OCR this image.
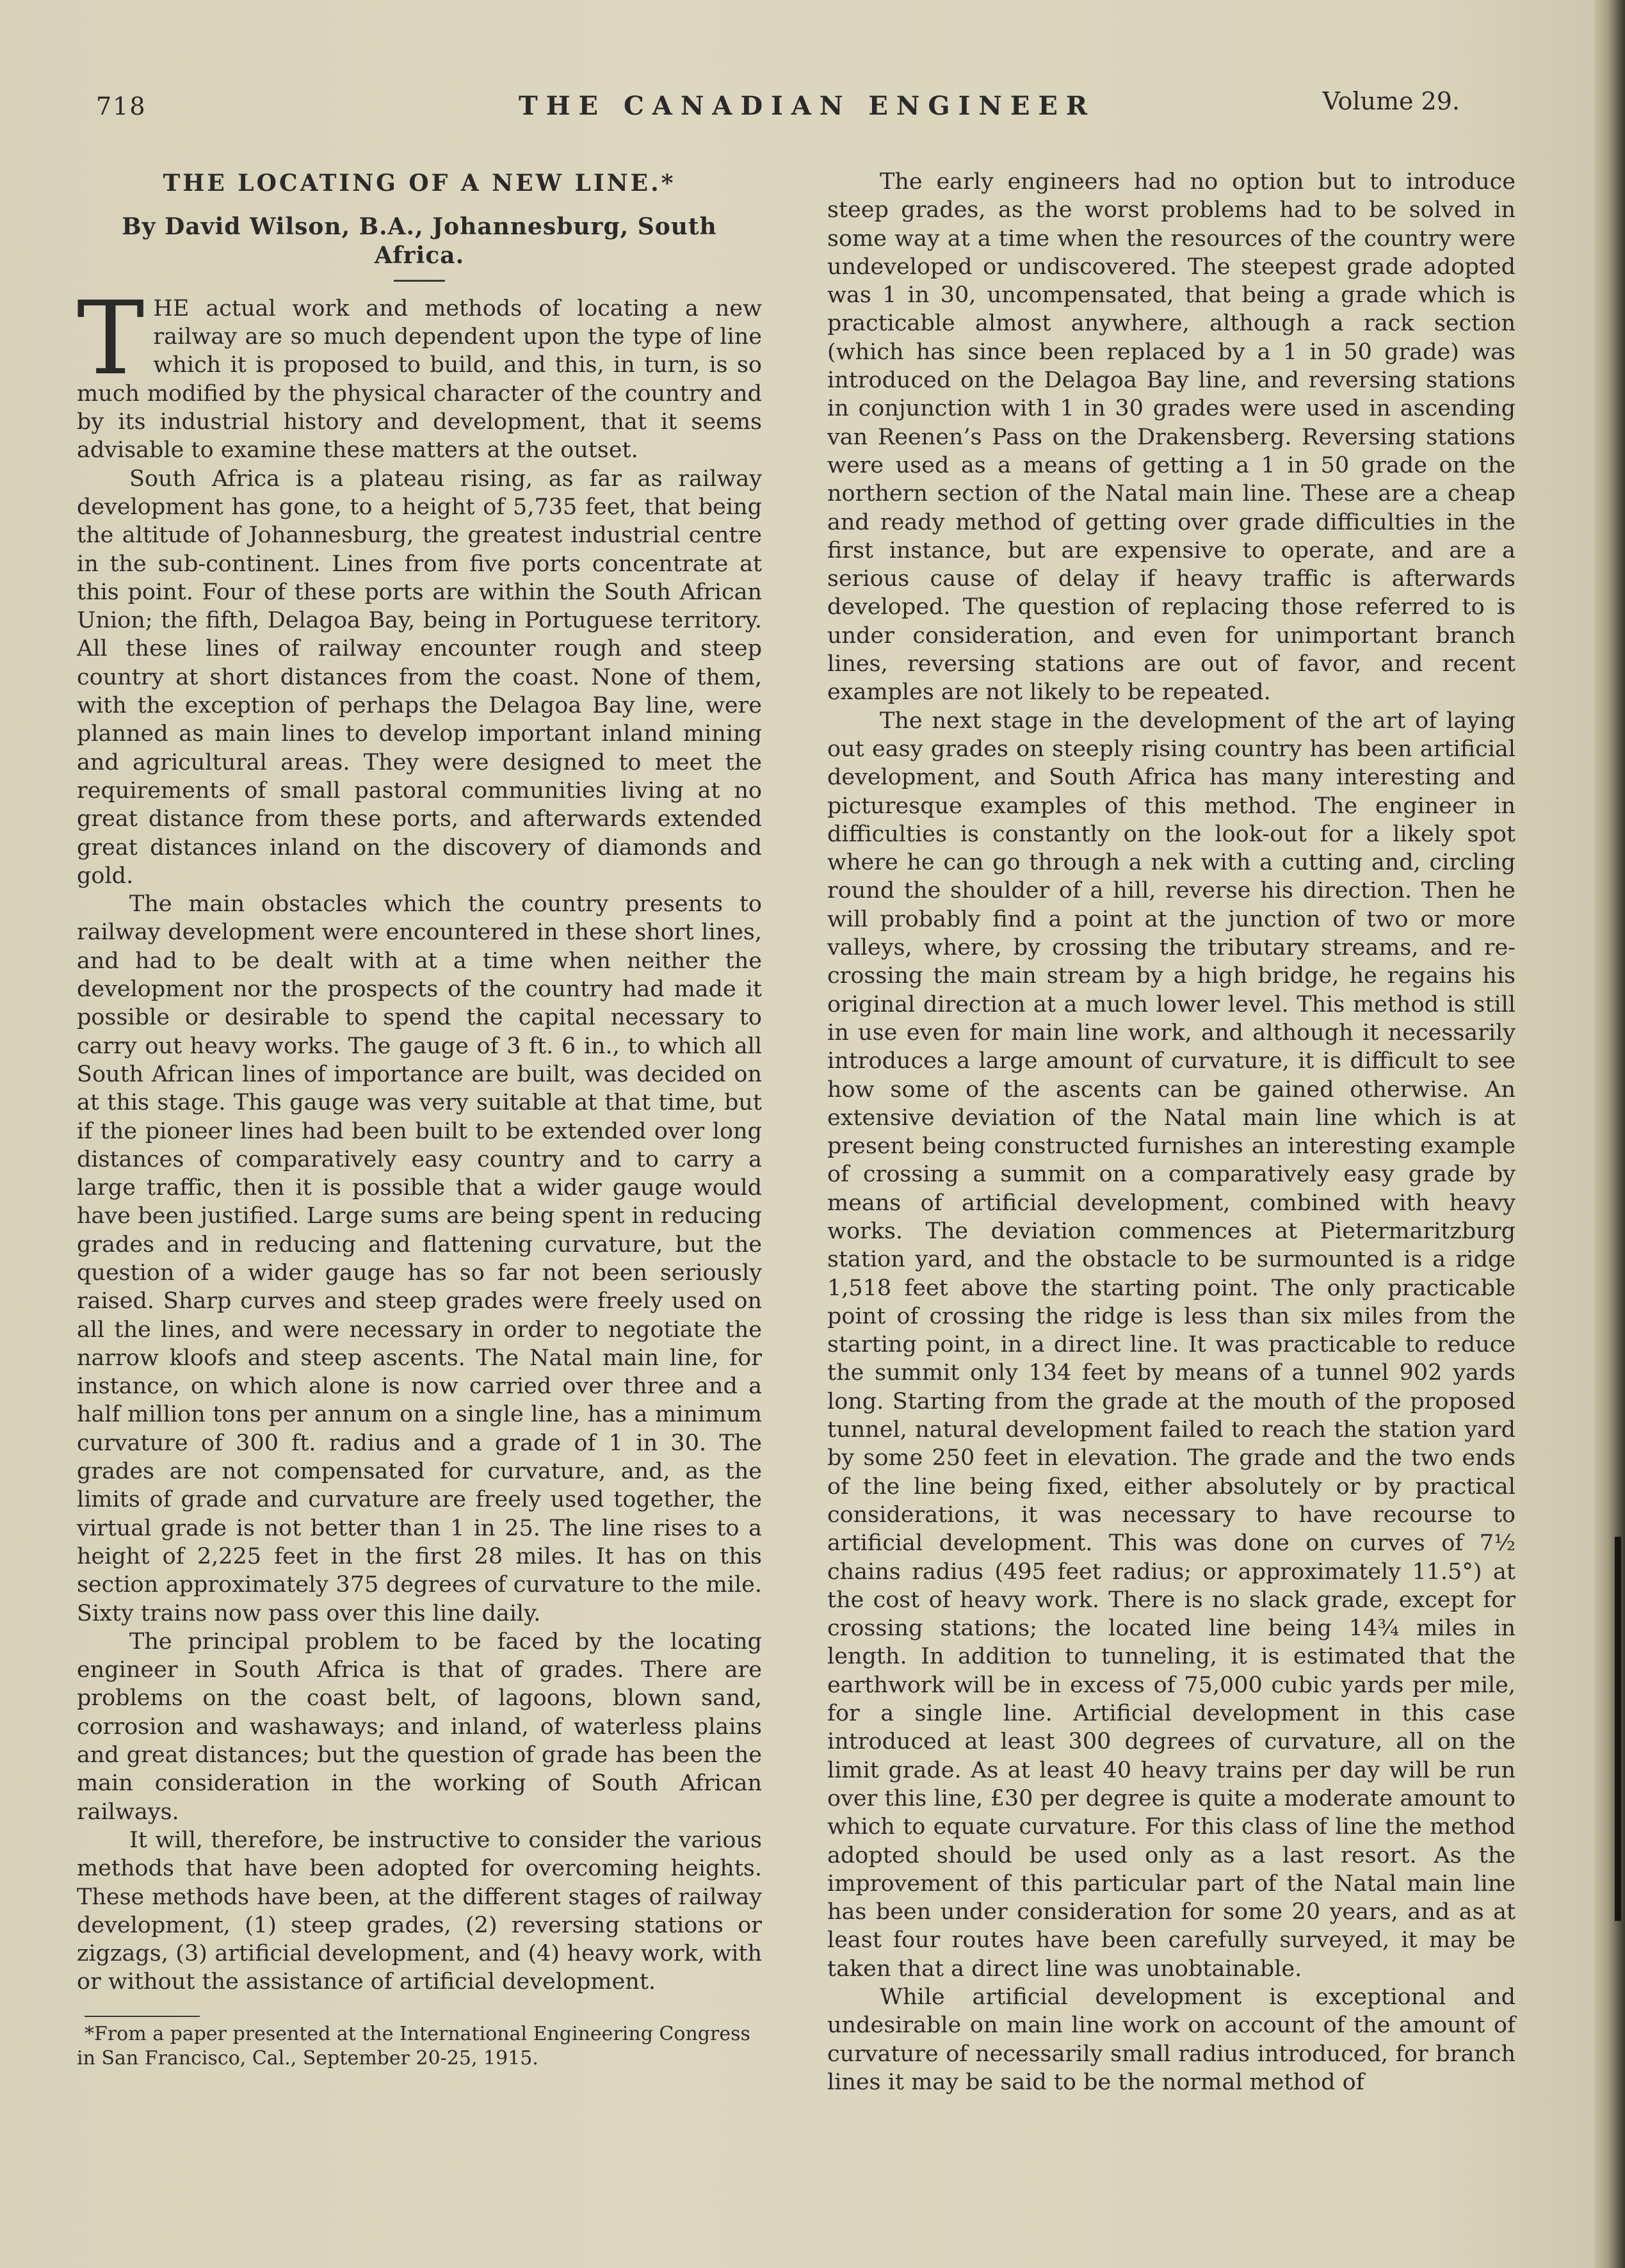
718	THE CANADIAN ENGINEER	Volume 29.
THE LOCATING OF A NEW LINE.*
By David Wilson, B.A., Johannesburg, South Africa.

THE actual work and methods of locating a new railway are so much dependent upon the type of line which it is proposed to build, and this, in turn, is so much modified by the physical character of the country and by its industrial history and development, that it seems advisable to examine these matters at the outset.

South Africa is a plateau rising, as far as railway development has gone, to a height of 5,735 feet, that being the altitude of Johannesburg, the greatest industrial centre in the sub-continent. Lines from five ports concentrate at this point. Four of these ports are within the South African Union; the fifth, Delagoa Bay, being in Portuguese territory. All these lines of railway encounter rough and steep country at short distances from the coast. None of them, with the exception of perhaps the Delagoa Bay line, were planned as main lines to develop important inland mining and agricultural areas. They were designed to meet the requirements of small pastoral communities living at no great distance from these ports, and afterwards extended great distances inland on the discovery of diamonds and gold.

The main obstacles which the country presents to railway development were encountered in these short lines, and had to be dealt with at a time when neither the development nor the prospects of the country had made it possible or desirable to spend the capital necessary to carry out heavy works. The gauge of 3 ft. 6 in., to which all South African lines of importance are built, was decided on at this stage. This gauge was very suitable at that time, but if the pioneer lines had been built to be extended over long distances of comparatively easy country and to carry a large traffic, then it is possible that a wider gauge would have been justified. Large sums are being spent in reducing grades and in reducing and flattening curvature, but the question of a wider gauge has so far not been seriously raised. Sharp curves and steep grades were freely used on all the lines, and were necessary in order to negotiate the narrow kloofs and steep ascents. The Natal main line, for instance, on which alone is now carried over three and a half million tons per annum on a single line, has a minimum curvature of 300 ft. radius and a grade of 1 in 30. The grades are not compensated for curvature, and, as the limits of grade and curvature are freely used together, the virtual grade is not better than 1 in 25. The line rises to a height of 2,225 feet in the first 28 miles. It has on this section approximately 375 degrees of curvature to the mile. Sixty trains now pass over this line daily.

The principal problem to be faced by the locating engineer in South Africa is that of grades. There are problems on the coast belt, of lagoons, blown sand, corrosion and washaways; and inland, of waterless plains and great distances; but the question of grade has been the main consideration in the working of South African railways.

It will, therefore, be instructive to consider the various methods that have been adopted for overcoming heights. These methods have been, at the different stages of railway development, (1) steep grades, (2) reversing stations or zigzags, (3) artificial development, and (4) heavy work, with or without the assistance of artificial development.

*From a paper presented at the International Engineering Congress in San Francisco, Cal., September 20-25, 1915.

The early engineers had no option but to introduce steep grades, as the worst problems had to be solved in some way at a time when the resources of the country were undeveloped or undiscovered. The steepest grade adopted was 1 in 30, uncompensated, that being a grade which is practicable almost anywhere, although a rack section (which has since been replaced by a 1 in 50 grade) was introduced on the Delagoa Bay line, and reversing stations in conjunction with 1 in 30 grades were used in ascending van Reenen’s Pass on the Drakensberg. Reversing stations were used as a means of getting a 1 in 50 grade on the northern section of the Natal main line. These are a cheap and ready method of getting over grade difficulties in the first instance, but are expensive to operate, and are a serious cause of delay if heavy traffic is afterwards developed. The question of replacing those referred to is under consideration, and even for unimportant branch lines, reversing stations are out of favor, and recent examples are not likely to be repeated.

The next stage in the development of the art of laying out easy grades on steeply rising country has been artificial development, and South Africa has many interesting and picturesque examples of this method. The engineer in difficulties is constantly on the look-out for a likely spot where he can go through a nek with a cutting and, circling round the shoulder of a hill, reverse his direction. Then he will probably find a point at the junction of two or more valleys, where, by crossing the tributary streams, and re-crossing the main stream by a high bridge, he regains his original direction at a much lower level. This method is still in use even for main line work, and although it necessarily introduces a large amount of curvature, it is difficult to see how some of the ascents can be gained otherwise. An extensive deviation of the Natal main line which is at present being constructed furnishes an interesting example of crossing a summit on a comparatively easy grade by means of artificial development, combined with heavy works. The deviation commences at Pietermaritzburg station yard, and the obstacle to be surmounted is a ridge 1,518 feet above the starting point. The only practicable point of crossing the ridge is less than six miles from the starting point, in a direct line. It was practicable to reduce the summit only 134 feet by means of a tunnel 902 yards long. Starting from the grade at the mouth of the proposed tunnel, natural development failed to reach the station yard by some 250 feet in elevation. The grade and the two ends of the line being fixed, either absolutely or by practical considerations, it was necessary to have recourse to artificial development. This was done on curves of 7½ chains radius (495 feet radius; or approximately 11.5°) at the cost of heavy work. There is no slack grade, except for crossing stations; the located line being 14¾ miles in length. In addition to tunneling, it is estimated that the earthwork will be in excess of 75,000 cubic yards per mile, for a single line. Artificial development in this case introduced at least 300 degrees of curvature, all on the limit grade. As at least 40 heavy trains per day will be run over this line, £30 per degree is quite a moderate amount to which to equate curvature. For this class of line the method adopted should be used only as a last resort. As the improvement of this particular part of the Natal main line has been under consideration for some 20 years, and as at least four routes have been carefully surveyed, it may be taken that a direct line was unobtainable.

While artificial development is exceptional and undesirable on main line work on account of the amount of curvature of necessarily small radius introduced, for branch lines it may be said to be the normal method of
